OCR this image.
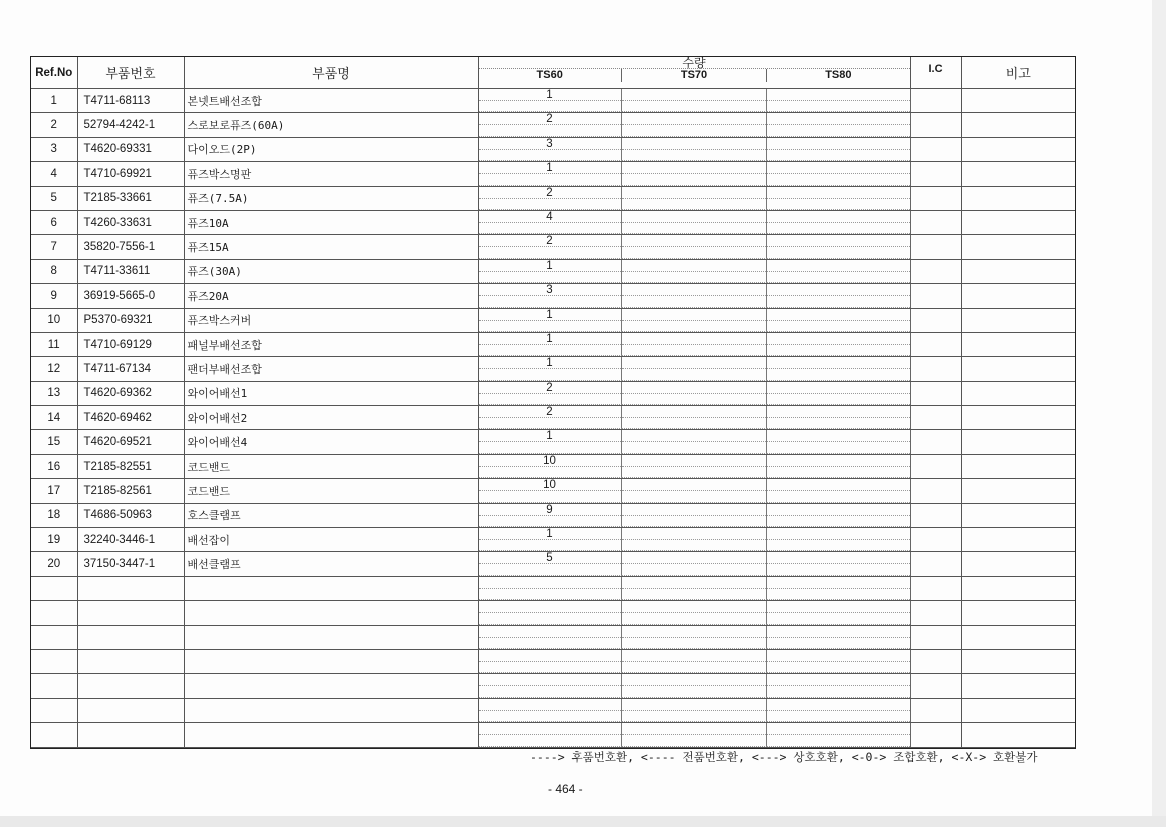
Ref.No	부품번호	부품명	수량
TS60 TS70 TS80	I.C	비고
1	T4711-68113	본넷트배선조합	1		

2	52794-4242-1	스로보로퓨즈(60A)	2		

3	T4620-69331	다이오드(2P)	3		

4	T4710-69921	퓨즈박스명판	1		

5	T2185-33661	퓨즈(7.5A)	2		

6	T4260-33631	퓨즈10A	4		

7	35820-7556-1	퓨즈15A	2		

8	T4711-33611	퓨즈(30A)	1		

9	36919-5665-0	퓨즈20A	3		

10	P5370-69321	퓨즈박스커버	1		

11	T4710-69129	패널부배선조합	1		

12	T4711-67134	팬더부배선조합	1		

13	T4620-69362	와이어배선1	2		

14	T4620-69462	와이어배선2	2		

15	T4620-69521	와이어배선4	1		

16	T2185-82551	코드밴드	10		

17	T2185-82561	코드밴드	10		

18	T4686-50963	호스클램프	9		

19	32240-3446-1	배선잡이	1		

20	37150-3447-1	배선클램프	5		

----> 후품번호환, <---- 전품번호환, <---> 상호호환, <-0-> 조합호환, <-X-> 호환불가
- 464 -
